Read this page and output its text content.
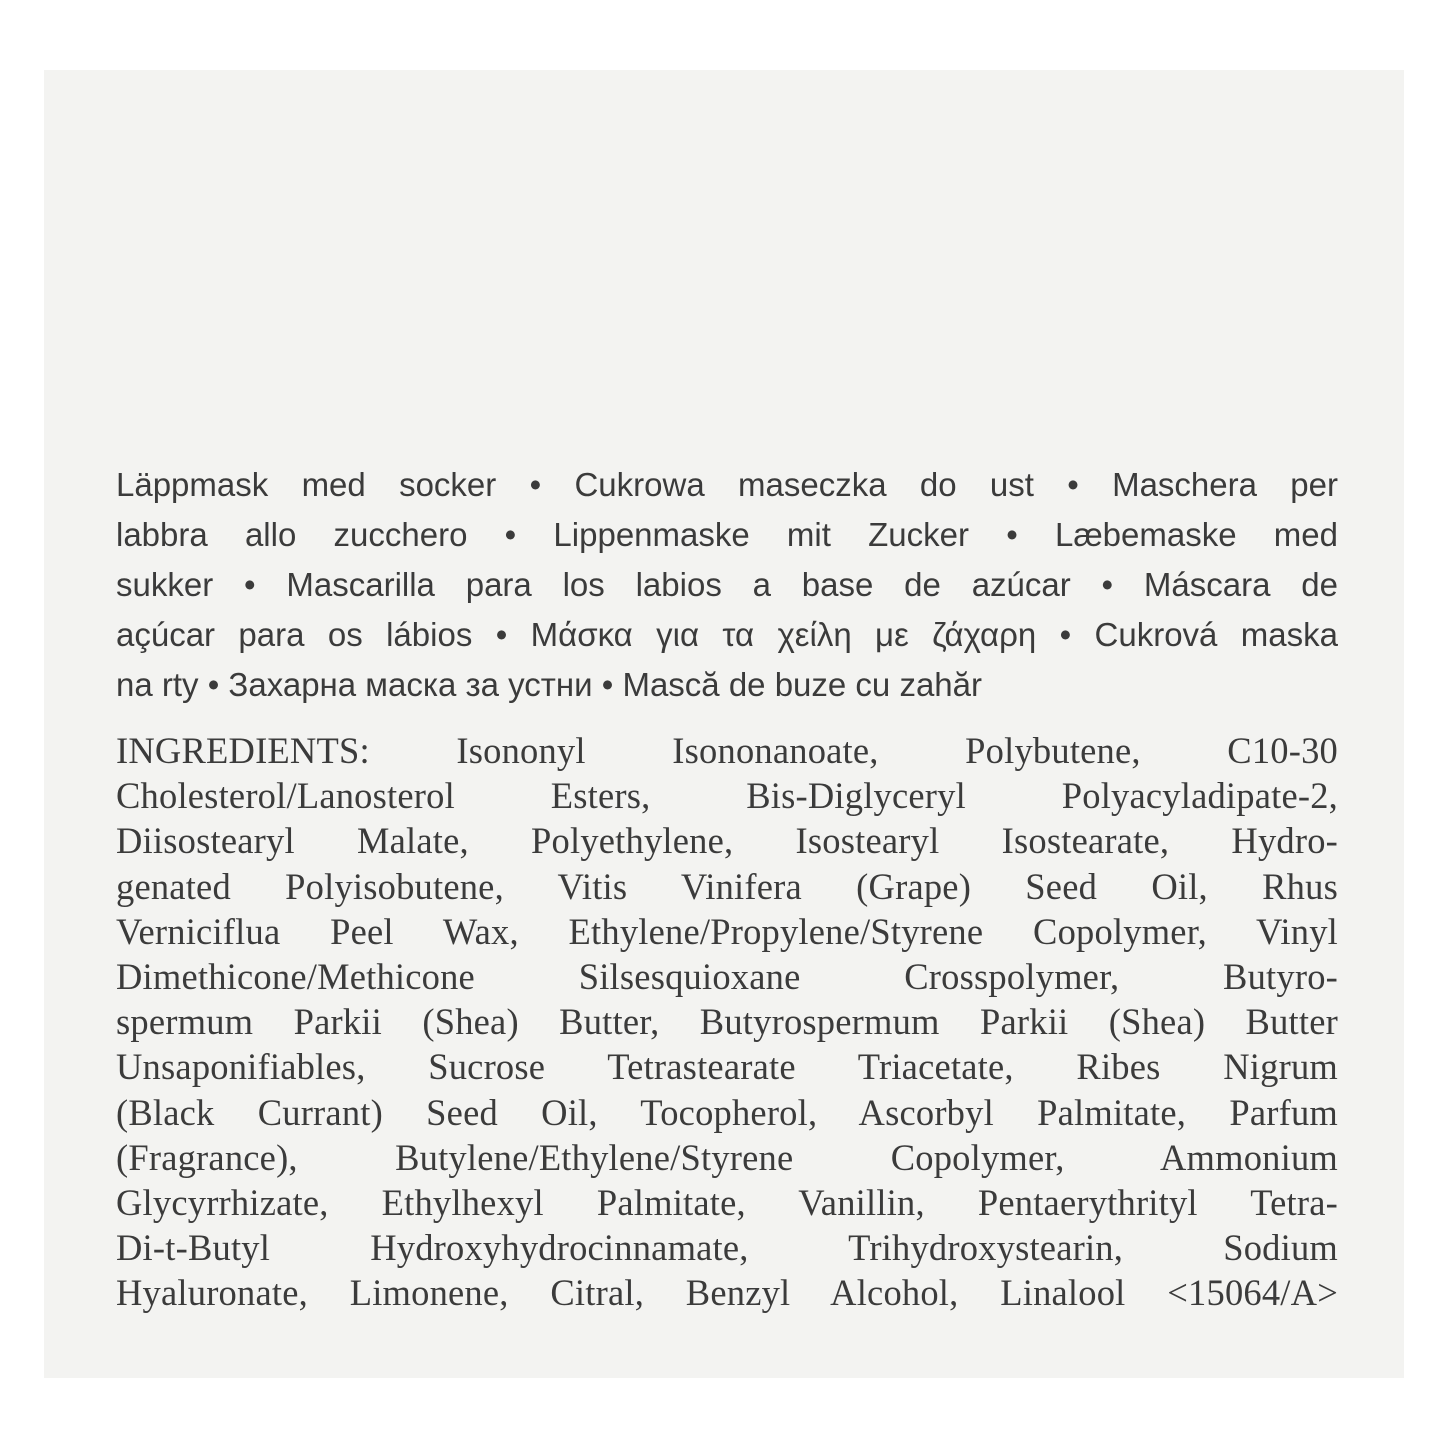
Läppmask med socker • Cukrowa maseczka do ust • Maschera per
labbra allo zucchero • Lippenmaske mit Zucker • Læbemaske med
sukker • Mascarilla para los labios a base de azúcar • Máscara de
açúcar para os lábios • Μάσκα για τα χείλη με ζάχαρη • Cukrová maska
na rty • Захарна маска за устни • Mască de buze cu zahăr
INGREDIENTS: Isononyl Isononanoate, Polybutene, C10-30
Cholesterol/Lanosterol Esters, Bis-Diglyceryl Polyacyladipate-2,
Diisostearyl Malate, Polyethylene, Isostearyl Isostearate, Hydro-
genated Polyisobutene, Vitis Vinifera (Grape) Seed Oil, Rhus
Verniciflua Peel Wax, Ethylene/Propylene/Styrene Copolymer, Vinyl
Dimethicone/Methicone Silsesquioxane Crosspolymer, Butyro-
spermum Parkii (Shea) Butter, Butyrospermum Parkii (Shea) Butter
Unsaponifiables, Sucrose Tetrastearate Triacetate, Ribes Nigrum
(Black Currant) Seed Oil, Tocopherol, Ascorbyl Palmitate, Parfum
(Fragrance), Butylene/Ethylene/Styrene Copolymer, Ammonium
Glycyrrhizate, Ethylhexyl Palmitate, Vanillin, Pentaerythrityl Tetra-
Di-t-Butyl Hydroxyhydrocinnamate, Trihydroxystearin, Sodium
Hyaluronate, Limonene, Citral, Benzyl Alcohol, Linalool <15064/A>
